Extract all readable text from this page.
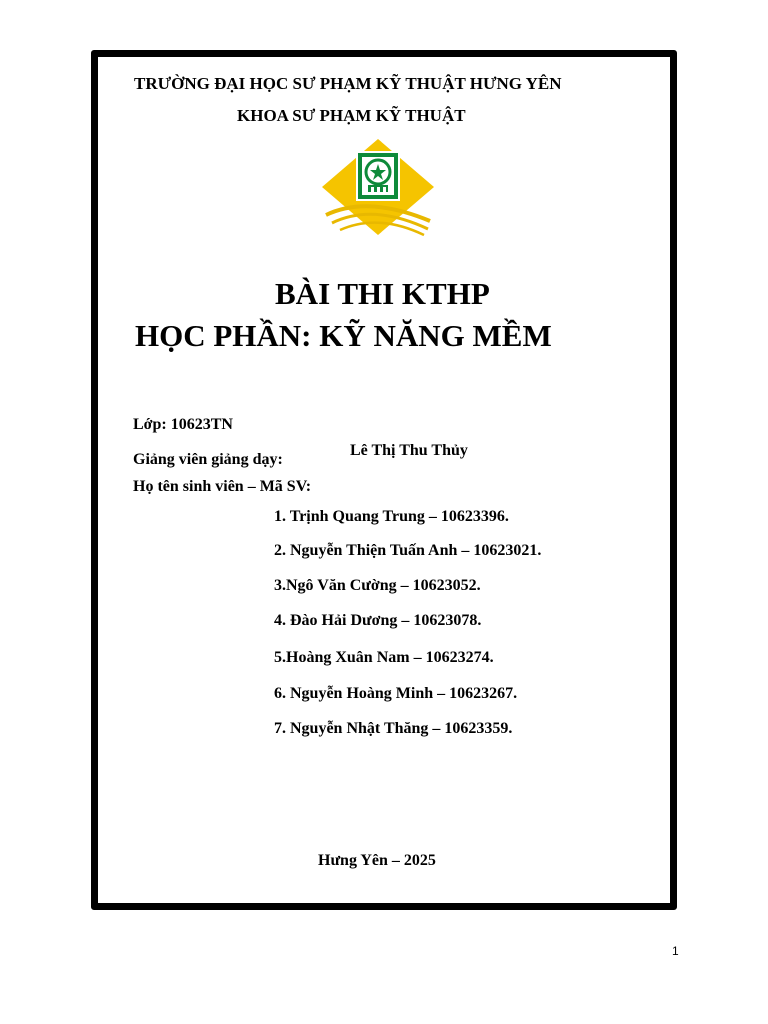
TRƯỜNG ĐẠI HỌC SƯ PHẠM KỸ THUẬT HƯNG YÊN
KHOA SƯ PHẠM KỸ THUẬT
BÀI THI KTHP
HỌC PHẦN: KỸ NĂNG MỀM
Lớp: 10623TN
Giảng viên giảng dạy:
Lê Thị Thu Thủy
Họ tên sinh viên – Mã SV:
1. Trịnh Quang Trung – 10623396.
2. Nguyễn Thiện Tuấn Anh – 10623021.
3.Ngô Văn Cường – 10623052.
4. Đào Hải Dương – 10623078.
5.Hoàng Xuân Nam – 10623274.
6. Nguyễn Hoàng Minh – 10623267.
7. Nguyễn Nhật Thăng – 10623359.
Hưng Yên – 2025
1
